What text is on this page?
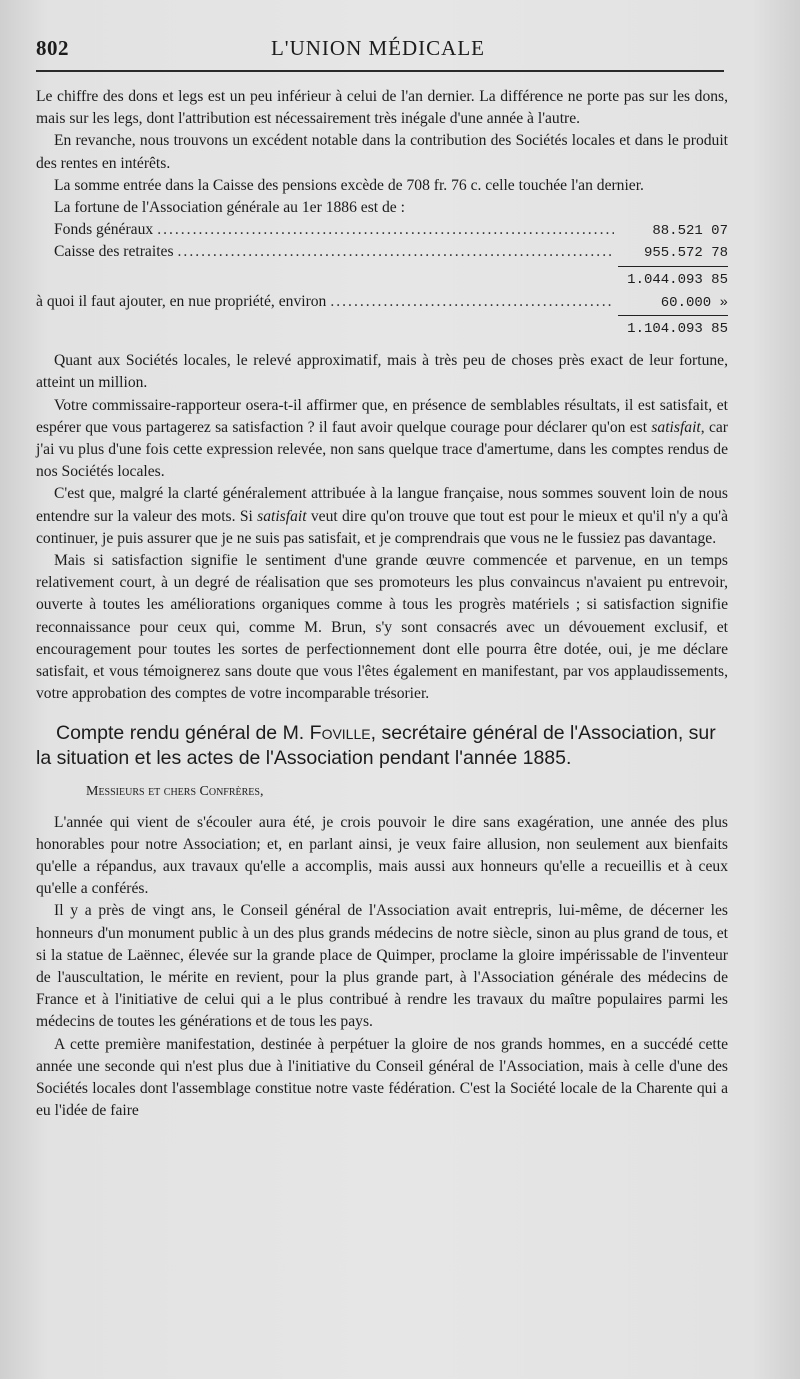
802	L'UNION MÉDICALE

Le chiffre des dons et legs est un peu inférieur à celui de l'an dernier. La différence ne porte pas sur les dons, mais sur les legs, dont l'attribution est nécessairement très inégale d'une année à l'autre.

En revanche, nous trouvons un excédent notable dans la contribution des Sociétés locales et dans le produit des rentes en intérêts.

La somme entrée dans la Caisse des pensions excède de 708 fr. 76 c. celle touchée l'an dernier.

La fortune de l'Association générale au 1er 1886 est de :

Fonds généraux .....	88.521 07
Caisse des retraites .....	955.572 78
1.044.093 85
à quoi il faut ajouter, en nue propriété, environ .....	60.000 »
1.104.093 85

Quant aux Sociétés locales, le relevé approximatif, mais à très peu de choses près exact de leur fortune, atteint un million.

Votre commissaire-rapporteur osera-t-il affirmer que, en présence de semblables résultats, il est satisfait, et espérer que vous partagerez sa satisfaction ? il faut avoir quelque courage pour déclarer qu'on est satisfait, car j'ai vu plus d'une fois cette expression relevée, non sans quelque trace d'amertume, dans les comptes rendus de nos Sociétés locales.

C'est que, malgré la clarté généralement attribuée à la langue française, nous sommes souvent loin de nous entendre sur la valeur des mots. Si satisfait veut dire qu'on trouve que tout est pour le mieux et qu'il n'y a qu'à continuer, je puis assurer que je ne suis pas satisfait, et je comprendrais que vous ne le fussiez pas davantage.

Mais si satisfaction signifie le sentiment d'une grande œuvre commencée et parvenue, en un temps relativement court, à un degré de réalisation que ses promoteurs les plus convaincus n'avaient pu entrevoir, ouverte à toutes les améliorations organiques comme à tous les progrès matériels ; si satisfaction signifie reconnaissance pour ceux qui, comme M. Brun, s'y sont consacrés avec un dévouement exclusif, et encouragement pour toutes les sortes de perfectionnement dont elle pourra être dotée, oui, je me déclare satisfait, et vous témoignerez sans doute que vous l'êtes également en manifestant, par vos applaudissements, votre approbation des comptes de votre incomparable trésorier.

Compte rendu général de M. Foville, secrétaire général de l'Association, sur la situation et les actes de l'Association pendant l'année 1885.

Messieurs et chers Confrères,

L'année qui vient de s'écouler aura été, je crois pouvoir le dire sans exagération, une année des plus honorables pour notre Association; et, en parlant ainsi, je veux faire allusion, non seulement aux bienfaits qu'elle a répandus, aux travaux qu'elle a accomplis, mais aussi aux honneurs qu'elle a recueillis et à ceux qu'elle a conférés.

Il y a près de vingt ans, le Conseil général de l'Association avait entrepris, lui-même, de décerner les honneurs d'un monument public à un des plus grands médecins de notre siècle, sinon au plus grand de tous, et si la statue de Laënnec, élevée sur la grande place de Quimper, proclame la gloire impérissable de l'inventeur de l'auscultation, le mérite en revient, pour la plus grande part, à l'Association générale des médecins de France et à l'initiative de celui qui a le plus contribué à rendre les travaux du maître populaires parmi les médecins de toutes les générations et de tous les pays.

A cette première manifestation, destinée à perpétuer la gloire de nos grands hommes, en a succédé cette année une seconde qui n'est plus due à l'initiative du Conseil général de l'Association, mais à celle d'une des Sociétés locales dont l'assemblage constitue notre vaste fédération. C'est la Société locale de la Charente qui a eu l'idée de faire
